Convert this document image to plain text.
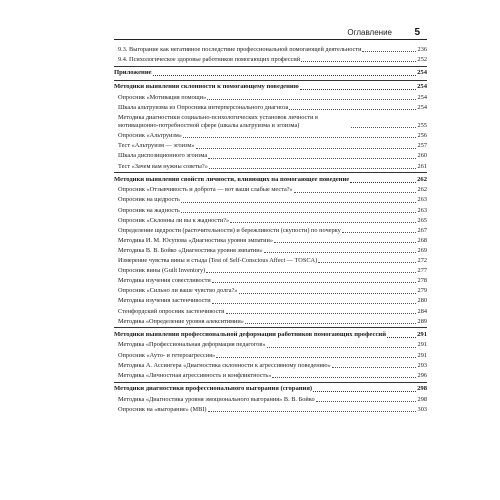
Оглавление 5
9.3. Выгорание как негативное последствие профессиональной помогающей деятельности	236
9.4. Психологическое здоровье работников помогающих профессий	252
Приложение	254
Методики выявления склонности к помогающему поведению	254
Опросник «Мотивация помощи»	254
Шкала альтруизма из Опросника интерперсонального диагноза	254
Методика диагностики социально-психологических установок личности в мотивационно-потребностной сфере (шкалы альтруизма и эгоизма)	255
Опросник «Альтруизм»	256
Тест «Альтруизм — эгоизм»	257
Шкала диспозиционного эгоизма	260
Тест «Зачем вам нужны советы?»	261
Методики выявления свойств личности, влияющих на помогающее поведение	262
Опросник «Отзывчивость и доброта — вот ваши слабые места?»	262
Опросник на щедрость	263
Опросник на жадность	263
Опросник «Склонны ли вы к жадности?»	265
Определение щедрости (расточительности) и бережливости (скупости) по почерку	267
Методика И. М. Юсупова «Диагностика уровня эмпатии»	268
Методика В. В. Бойко «Диагностика уровня эмпатии»	269
Измерение чувства вины и стыда (Test of Self-Conscious Affect — TOSCA)	272
Опросник вины (Guilt Inventory)	277
Методика изучения совестливости	278
Опросник «Сильно ли ваше чувство долга?»	279
Методика изучения застенчивости	280
Стенфордский опросник застенчивости	284
Методика «Определение уровня алекситимии»	289
Методики выявления профессиональной деформации работников помогающих профессий	291
Методика «Профессиональная деформация педагогов»	291
Опросник «Ауто- и гетероагрессия»	291
Методика А. Ассингера «Диагностика склонности к агрессивному поведению»	293
Методика «Личностная агрессивность и конфликтность»	296
Методики диагностики профессионального выгорания (сгорания)	298
Методика «Диагностика уровня эмоционального выгорания» В. В. Бойко	298
Опросник на «выгорание» (MBI)	303
